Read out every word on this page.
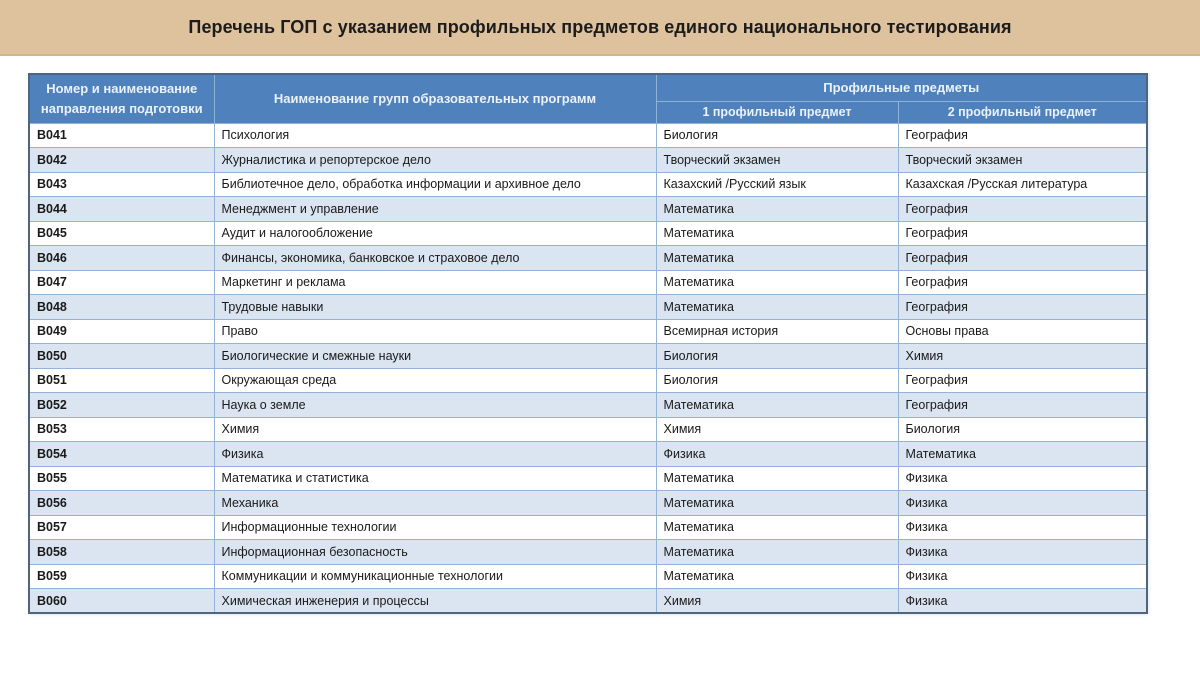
Перечень ГОП с указанием профильных предметов единого национального тестирования
Номер и наименование направления подготовки	Наименование групп образовательных программ	Профильные предметы	
		1 профильный предмет	2 профильный предмет
B041	Психология	Биология	География
B042	Журналистика и репортерское дело	Творческий экзамен	Творческий экзамен
B043	Библиотечное дело, обработка информации и архивное дело	Казахский /Русский язык	Казахская /Русская литература
B044	Менеджмент и управление	Математика	География
B045	Аудит и налогообложение	Математика	География
B046	Финансы, экономика, банковское и страховое дело	Математика	География
B047	Маркетинг и реклама	Математика	География
B048	Трудовые навыки	Математика	География
B049	Право	Всемирная история	Основы права
B050	Биологические и смежные науки	Биология	Химия
B051	Окружающая среда	Биология	География
B052	Наука о земле	Математика	География
B053	Химия	Химия	Биология
B054	Физика	Физика	Математика
B055	Математика и статистика	Математика	Физика
B056	Механика	Математика	Физика
B057	Информационные технологии	Математика	Физика
B058	Информационная безопасность	Математика	Физика
B059	Коммуникации и коммуникационные технологии	Математика	Физика
B060	Химическая инженерия и процессы	Химия	Физика
